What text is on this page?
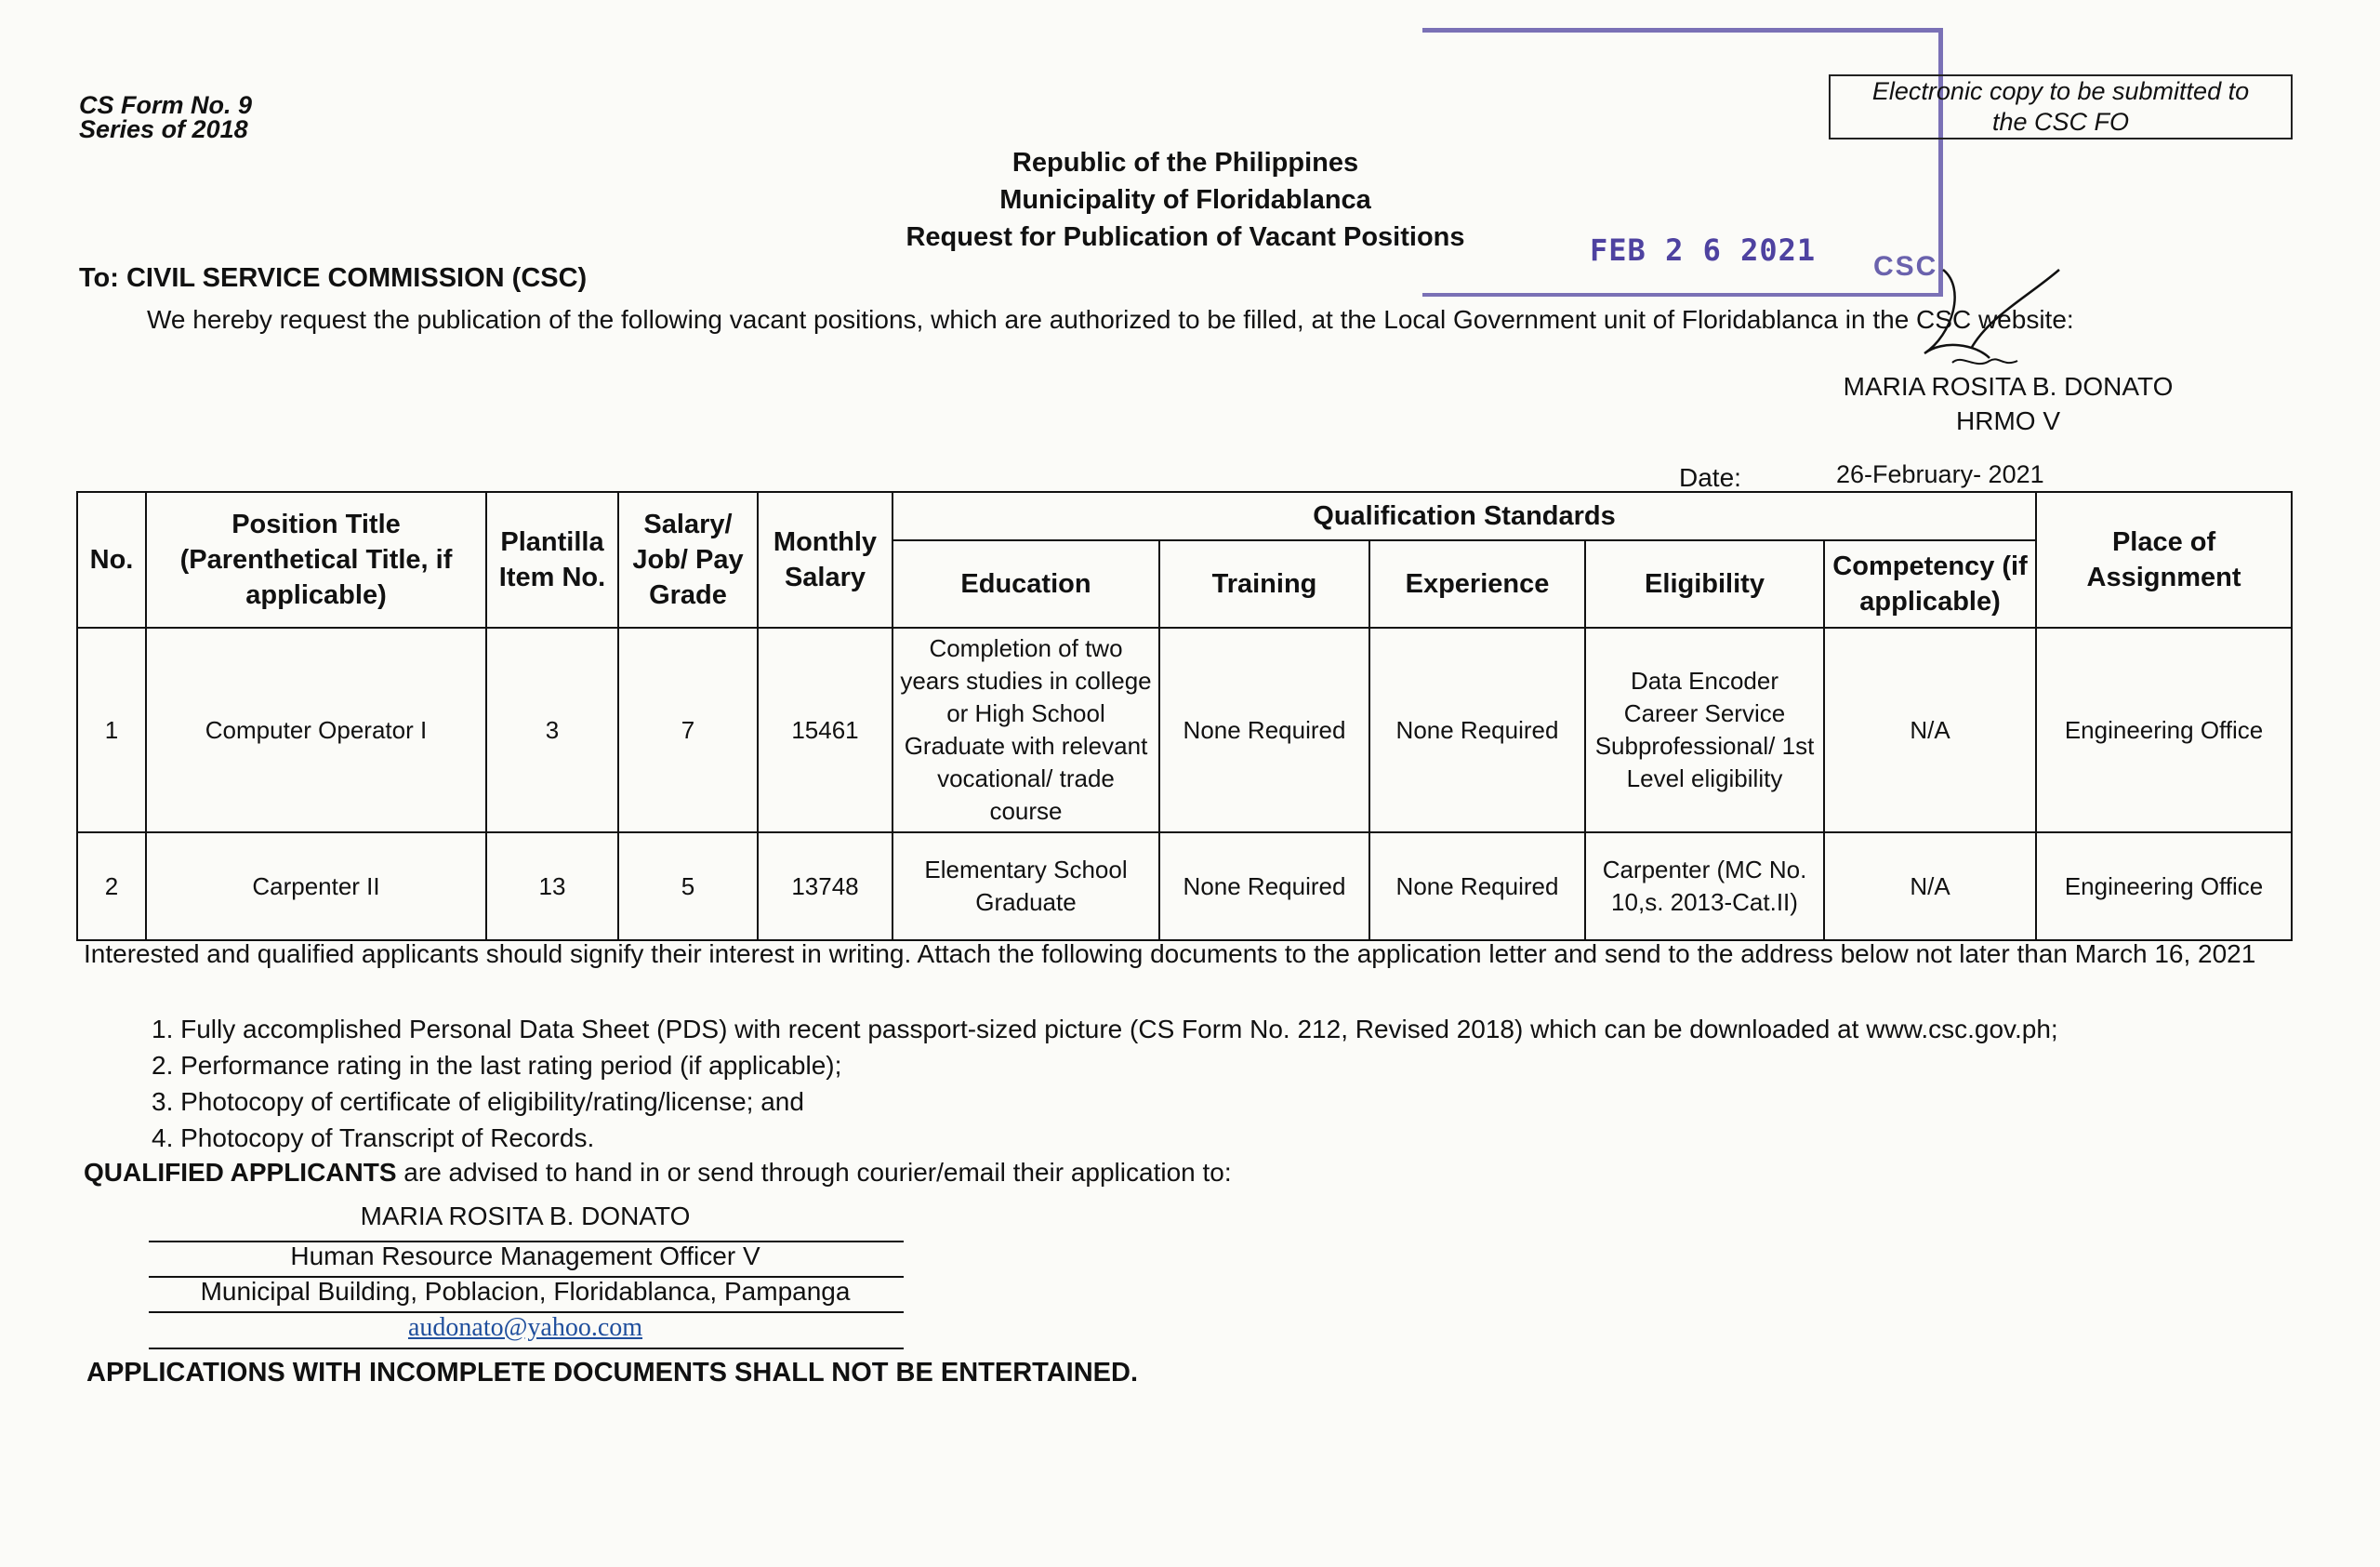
CS Form No. 9
Series of 2018
FEB 2 6 2021 CSC
Electronic copy to be submitted to
the CSC FO
Republic of the Philippines
Municipality of Floridablanca
Request for Publication of Vacant Positions
To: CIVIL SERVICE COMMISSION (CSC)
We hereby request the publication of the following vacant positions, which are authorized to be filled, at the Local Government unit of Floridablanca in the CSC website:
MARIA ROSITA B. DONATO
HRMO V
Date:	26-February- 2021
No.	Position Title (Parenthetical Title, if applicable)	Plantilla Item No.	Salary/ Job/ Pay Grade	Monthly Salary	Qualification Standards					Place of Assignment
					Education	Training	Experience	Eligibility	Competency (if applicable)	
1	Computer Operator I	3	7	15461	Completion of two years studies in college or High School Graduate with relevant vocational/ trade course	None Required	None Required	Data Encoder Career Service Subprofessional/ 1st Level eligibility	N/A	Engineering Office
2	Carpenter II	13	5	13748	Elementary School Graduate	None Required	None Required	Carpenter (MC No. 10,s. 2013-Cat.II)	N/A	Engineering Office
Interested and qualified applicants should signify their interest in writing. Attach the following documents to the application letter and send to the address below not later than March 16, 2021
1. Fully accomplished Personal Data Sheet (PDS) with recent passport-sized picture (CS Form No. 212, Revised 2018) which can be downloaded at www.csc.gov.ph;
2. Performance rating in the last rating period (if applicable);
3. Photocopy of certificate of eligibility/rating/license; and
4. Photocopy of Transcript of Records.
QUALIFIED APPLICANTS are advised to hand in or send through courier/email their application to:
MARIA ROSITA B. DONATO
Human Resource Management Officer V
Municipal Building, Poblacion, Floridablanca, Pampanga
audonato@yahoo.com
APPLICATIONS WITH INCOMPLETE DOCUMENTS SHALL NOT BE ENTERTAINED.
